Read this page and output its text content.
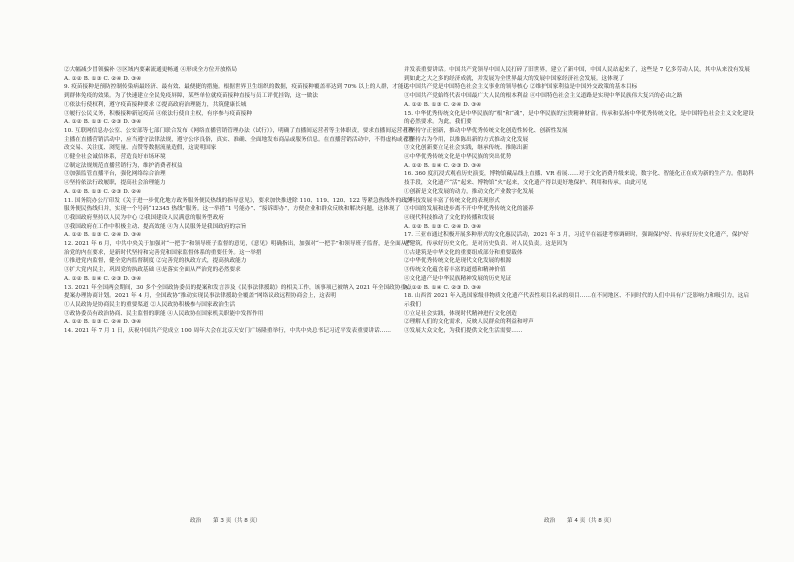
②大幅减少冒领骗补 ③区域内要素流通更畅通 ④形成全方位开放格局

A. ①② B. ①③ C. ②④ D. ③④

9. 疫苗接种是预防控制传染病最经济、最有效、最便捷的措施。根据世界卫生组织的数据，疫苗接种覆盖率达到 70% 以上的人群，才能达到群体免疫的效果。为了快速建立全民免疫屏障，某些单位就疫苗接种直接与员工评优挂钩，这一做法

①依法行使权利，遵守疫苗接种要求 ②提高政府治理能力，共筑健康长城

③履行公民义务，积极接种新冠疫苗 ④依法行使自主权，有序参与疫苗接种

A. ①② B. ①③ C. ②③ D. ③④

10. 互联网信息办公室、公安部等七部门联合发布《网络直播营销管理办法（试行）》，明确了直播间运营者等主体职责，要求直播间运营者和主播在直播营销活动中，应当遵守法律法规，遵守公序良俗，真实、准确、全面地发布商品或服务信息。在直播营销活动中，不得虚构或者篡改交易、关注度、浏览量、点赞等数据流量造假，这说明国家

①健全社会诚信体系，营造良好市场环境

②制定法规规范直播营销行为，维护消费者权益

③加强监管直播平台，强化网络综合治理

④坚持依法行政履职，提高社会治理能力

A. ①② B. ①③ C. ②③ D. ②④

11. 国务院办公厅印发《关于进一步优化地方政务服务便民热线的指导意见》，要求加快推进除 110、119、120、122 等紧急热线外的政务服务便民热线归并，实现一个号码“12345 热线”服务。这一举措“1 号能办”、“接诉即办”，方便企业和群众反映和解决问题，这体现了

①我国政府坚持以人民为中心 ②我国建设人民满意的服务型政府

③我国政府在工作中积极主动、提高效能 ④为人民服务是我国政府的宗旨

A. ①② B. ①③ C. ②④ D. ③④

12. 2021 年 6 月，中共中央关于加强对“一把手”和领导班子监督的意见，《意见》明确指出，加强对“一把手”和领导班子监督，是全面从严治党的内在要求，是新时代坚持和完善党和国家监督体系的重要任务。这一举措

①推进党内监督，健全党内监督制度 ②完善党的执政方式，提高执政能力

③扩大党内民主，巩固党的执政基础 ④是落实全面从严治党的必然要求

A. ①② B. ①④ C. ②③ D. ③④

13. 2021 年全国两会期间，30 多个全国政协委员的提案和发言涉及《民事法律援助》的相关工作，该事项已被纳入 2021 年全国政协重点提案办理协商计划。2021 年 4 月，全国政协“推动实现民事法律援助全覆盖”网络议政远程协商会上，这表明

①人民政协是协商民主的重要渠道 ②人民政协积极参与国家政治生活

③政协委员有政治协商、民主监督的职能 ④人民政协在国家机关职能中发挥作用

A. ①② B. ①③ C. ②④ D. ③④

14. 2021 年 7 月 1 日，庆祝中国共产党成立 100 周年大会在北京天安门广场隆重举行，中共中央总书记习近平发表重要讲话……

并发表重要讲话。中国共产党领导中国人民打碎了旧世界，建立了新中国，中国人民站起来了，这些是 7 亿多劳动人民，其中从来没有发展到如此之大之多的经济成就，并发展为全世界最大的发展中国家经济社会发展。这体现了

①中国共产党是中国特色社会主义事业的领导核心 ②维护国家利益是中国外交政策的基本目标

③中国共产党始终代表中国最广大人民的根本利益 ④中国特色社会主义道路是实现中华民族伟大复兴的必由之路

A. ①② B. ①③ C. ②④ D. ③④

15. 中华优秀传统文化是中华民族的“根”和“魂”，是中华民族的宝贵精神财富。传承和弘扬中华优秀传统文化，是中国特色社会主义文化建设的必然要求。为此，我们要

①坚持守正创新，推动中华优秀传统文化创造性转化、创新性发展

②坚持古为今用，以推陈出新的方式推动文化发展

③文化创新要立足社会实践，继承传统、推陈出新

④中华优秀传统文化是中华民族的突出优势

A. ①② B. ①④ C. ②③ D. ③④

16. 360 度沉浸式观看历史演变，博物馆藏品线上直播、VR 看展……对于文化消费升级来说，数字化、智能化正在成为新的生产力。借助科技手段，文化遗产“活”起来、博物馆“火”起来，文化遗产得以更好地保护、利用和传承。由此可见

①创新是文化发展的动力，推动文化产业数字化发展

②科技发展丰富了传统文化的表现形式

③中国的发展和进步离不开中华优秀传统文化的滋养

④现代科技推动了文化的传播和发展

A. ①② B. ①③ C. ②④ D. ③④

17. 三亚市通过积极开展多种形式的文化惠民活动，2021 年 3 月，习近平在福建考察调研时，强调保护好、传承好历史文化遗产，保护好老建筑，传承好历史文化，是对历史负责、对人民负责。这是因为

①古建筑是中华文化的重要组成部分和重要载体

②中华优秀传统文化是现代文化发展的根源

③传统文化蕴含着丰富的道德和精神价值

④文化遗产是中华民族精神发展的历史见证

A. ①② B. ①④ C. ②③ D. ③④

18. 山西省 2021 年入选国家级非物质文化遗产代表性项目名录的项目……在不同地区、不同时代的人们中具有广泛影响力和吸引力，这启示我们

①立足社会实践，体现时代精神进行文化创造

②理解人们的文化需求，反映人民群众的利益和呼声

③发展大众文化，为我们提供文化生活需要……

政治 第 3 页（共 8 页）	政治 第 4 页（共 8 页）
